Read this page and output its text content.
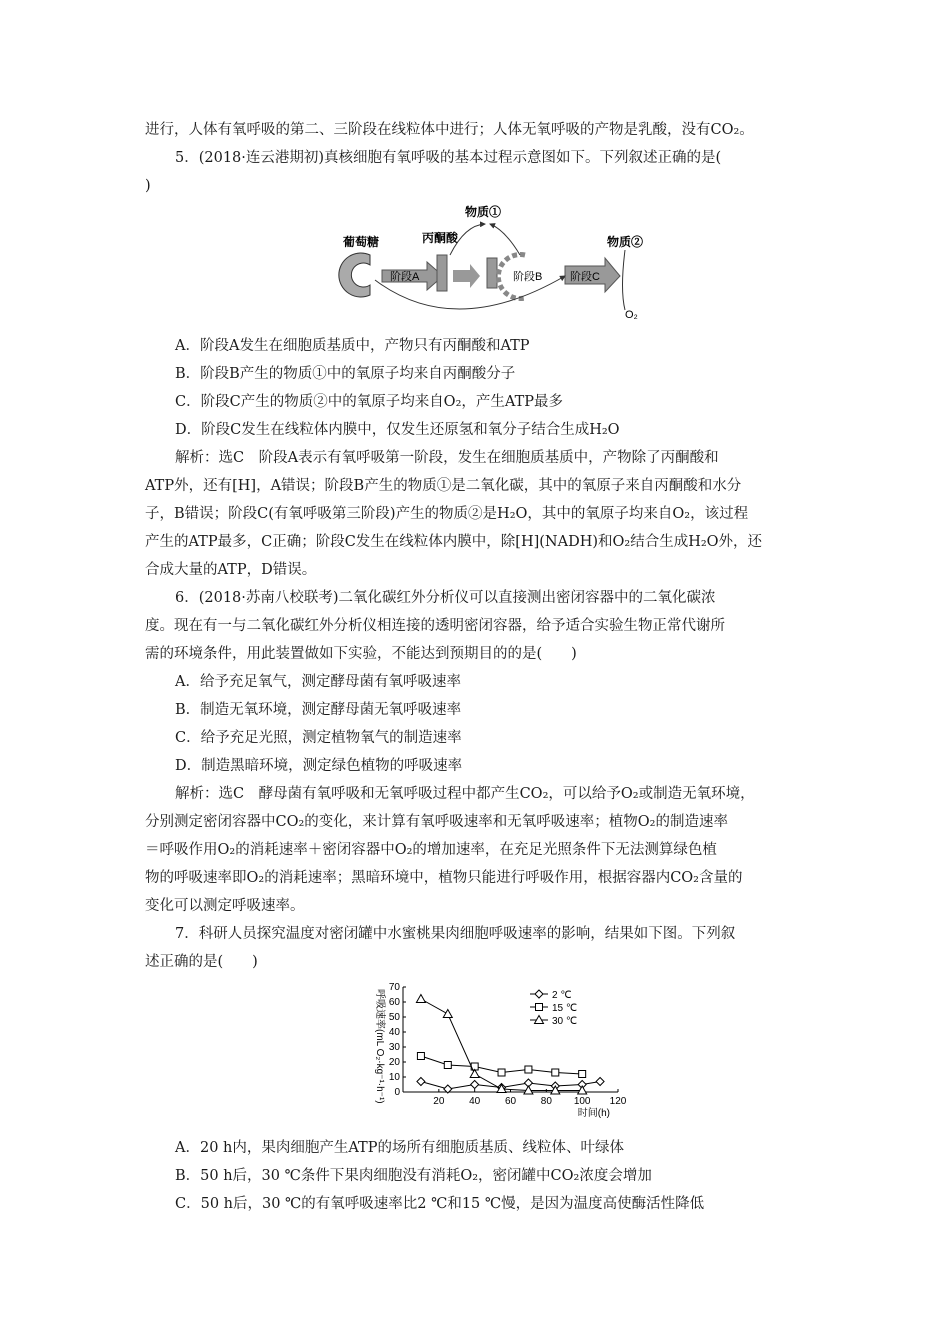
进行，人体有氧呼吸的第二、三阶段在线粒体中进行；人体无氧呼吸的产物是乳酸，没有CO₂。
5．(2018·连云港期初)真核细胞有氧呼吸的基本过程示意图如下。下列叙述正确的是(
)
葡萄糖
阶段A
丙酮酸
阶段B	阶段C
物质①
物质②
O₂
A．阶段A发生在细胞质基质中，产物只有丙酮酸和ATP
B．阶段B产生的物质①中的氧原子均来自丙酮酸分子
C．阶段C产生的物质②中的氧原子均来自O₂，产生ATP最多
D．阶段C发生在线粒体内膜中，仅发生还原氢和氧分子结合生成H₂O
解析：选C　阶段A表示有氧呼吸第一阶段，发生在细胞质基质中，产物除了丙酮酸和
ATP外，还有[H]，A错误；阶段B产生的物质①是二氧化碳，其中的氧原子来自丙酮酸和水分
子，B错误；阶段C(有氧呼吸第三阶段)产生的物质②是H₂O，其中的氧原子均来自O₂，该过程
产生的ATP最多，C正确；阶段C发生在线粒体内膜中，除[H](NADH)和O₂结合生成H₂O外，还
合成大量的ATP，D错误。
6．(2018·苏南八校联考)二氧化碳红外分析仪可以直接测出密闭容器中的二氧化碳浓
度。现在有一与二氧化碳红外分析仪相连接的透明密闭容器，给予适合实验生物正常代谢所
需的环境条件，用此装置做如下实验，不能达到预期目的的是(　　)
A．给予充足氧气，测定酵母菌有氧呼吸速率
B．制造无氧环境，测定酵母菌无氧呼吸速率
C．给予充足光照，测定植物氧气的制造速率
D．制造黑暗环境，测定绿色植物的呼吸速率
解析：选C　酵母菌有氧呼吸和无氧呼吸过程中都产生CO₂，可以给予O₂或制造无氧环境，
分别测定密闭容器中CO₂的变化，来计算有氧呼吸速率和无氧呼吸速率；植物O₂的制造速率
＝呼吸作用O₂的消耗速率＋密闭容器中O₂的增加速率，在充足光照条件下无法测算绿色植
物的呼吸速率即O₂的消耗速率；黑暗环境中，植物只能进行呼吸作用，根据容器内CO₂含量的
变化可以测定呼吸速率。
7．科研人员探究温度对密闭罐中水蜜桃果肉细胞呼吸速率的影响，结果如下图。下列叙
述正确的是(　　)
0
10
20
30
40
50
60
70
20 40 60 80 100 120
时间(h)
呼吸速率(mL O₂·kg⁻¹·h⁻¹)	2 ℃
15 ℃
30 ℃
A．20 h内，果肉细胞产生ATP的场所有细胞质基质、线粒体、叶绿体
B．50 h后，30 ℃条件下果肉细胞没有消耗O₂，密闭罐中CO₂浓度会增加
C．50 h后，30 ℃的有氧呼吸速率比2 ℃和15 ℃慢，是因为温度高使酶活性降低
